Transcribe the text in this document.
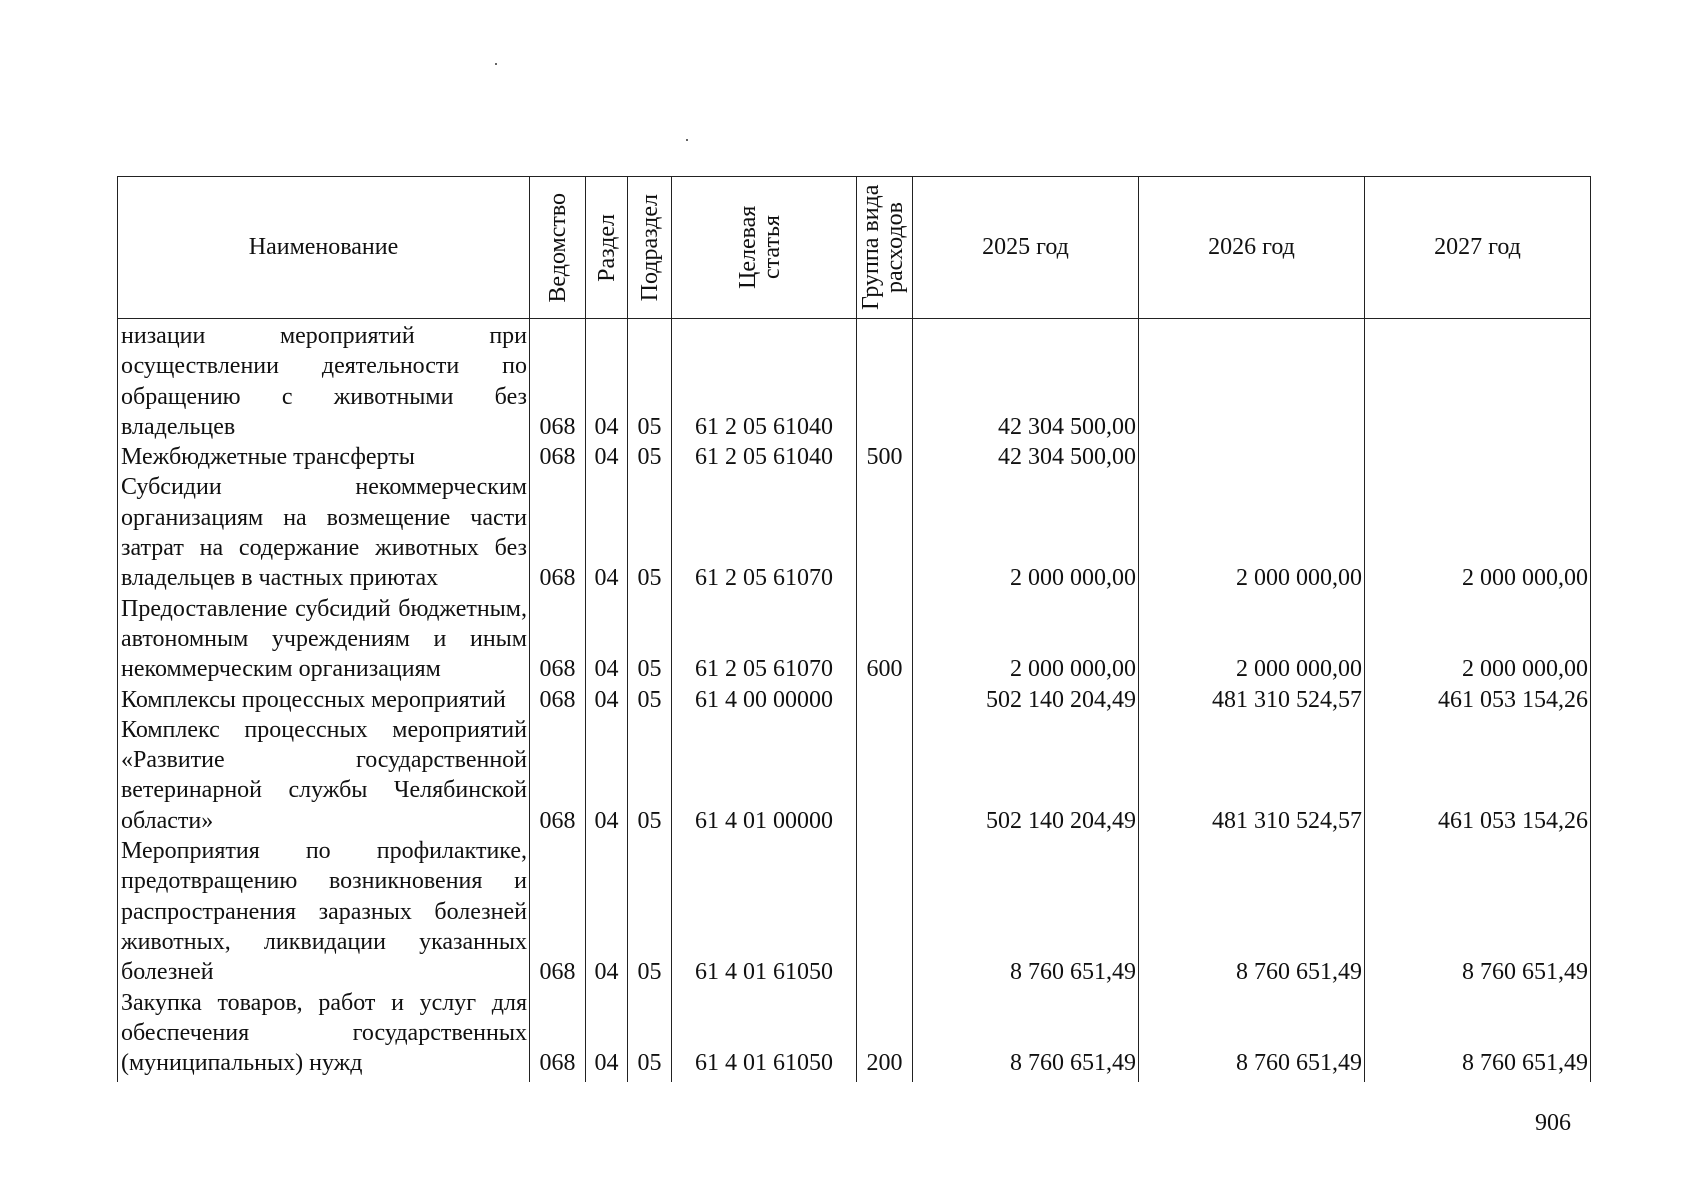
Наименование	Ведомство	Раздел	Подраздел	Целевая статья	Группа вида расходов	2025 год	2026 год	2027 год
низации мероприятий при осуществлении деятельности по обращению с животными без владельцев	068	04	05	61 2 05 61040		42 304 500,00		
Межбюджетные трансферты	068	04	05	61 2 05 61040	500	42 304 500,00		
Субсидии некоммерческим организациям на возмещение части затрат на содержание животных без владельцев в частных приютах	068	04	05	61 2 05 61070		2 000 000,00	2 000 000,00	2 000 000,00
Предоставление субсидий бюджетным, автономным учреждениям и иным некоммерческим организациям	068	04	05	61 2 05 61070	600	2 000 000,00	2 000 000,00	2 000 000,00
Комплексы процессных мероприятий	068	04	05	61 4 00 00000		502 140 204,49	481 310 524,57	461 053 154,26
Комплекс процессных мероприятий «Развитие государственной ветеринарной службы Челябинской области»	068	04	05	61 4 01 00000		502 140 204,49	481 310 524,57	461 053 154,26
Мероприятия по профилактике, предотвращению возникновения и распространения заразных болезней животных, ликвидации указанных болезней	068	04	05	61 4 01 61050		8 760 651,49	8 760 651,49	8 760 651,49
Закупка товаров, работ и услуг для обеспечения государственных (муниципальных) нужд	068	04	05	61 4 01 61050	200	8 760 651,49	8 760 651,49	8 760 651,49

906
